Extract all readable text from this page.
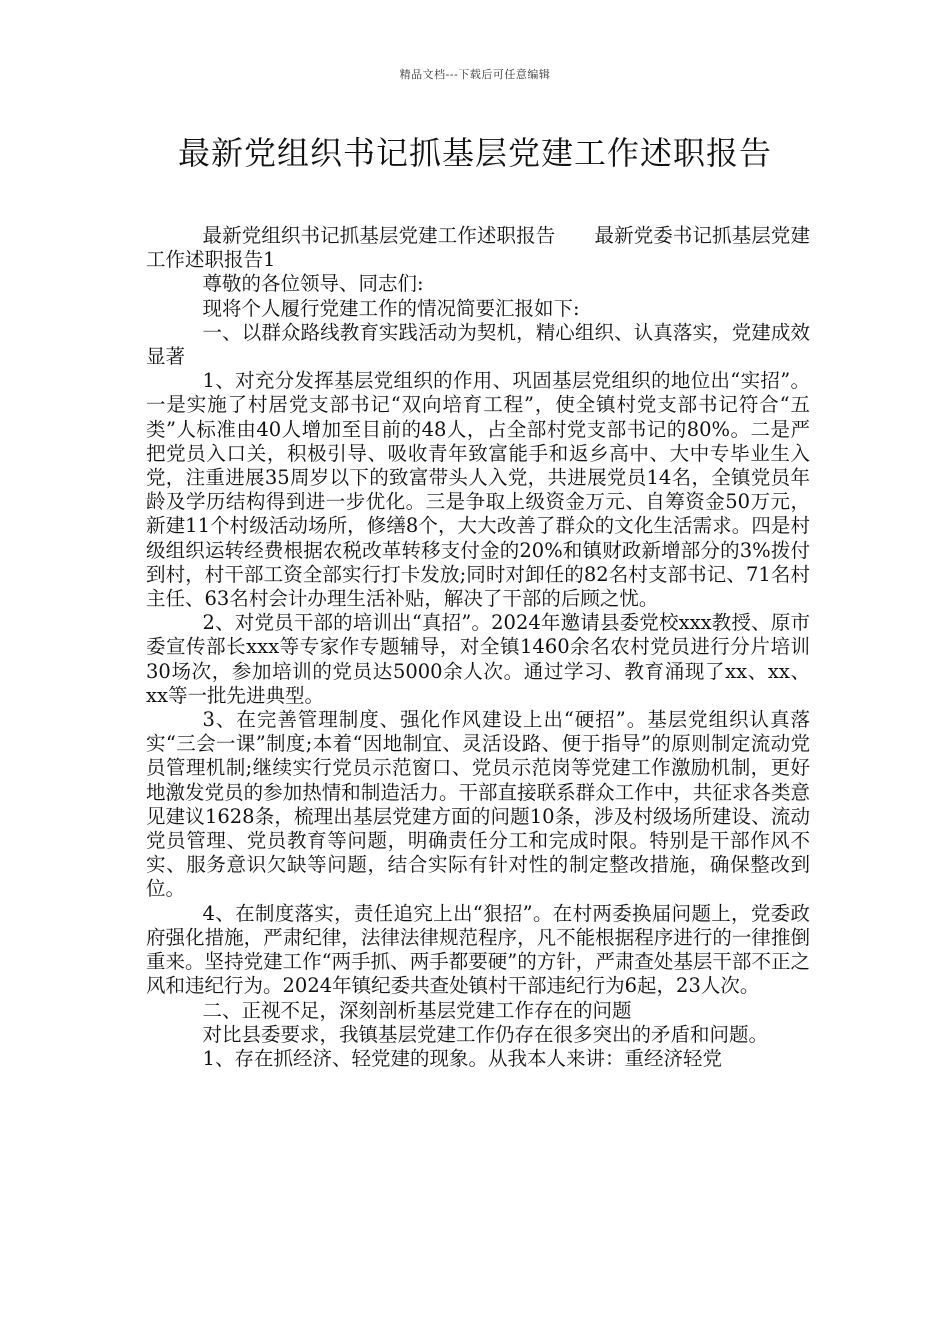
精品文档---下载后可任意编辑
最新党组织书记抓基层党建工作述职报告

最新党组织书记抓基层党建工作述职报告　　最新党委书记抓基层党建工作述职报告1

尊敬的各位领导、同志们:

现将个人履行党建工作的情况简要汇报如下:

一、以群众路线教育实践活动为契机，精心组织、认真落实，党建成效显著

1、对充分发挥基层党组织的作用、巩固基层党组织的地位出“实招”。一是实施了村居党支部书记“双向培育工程”，使全镇村党支部书记符合“五类”人标准由40人增加至目前的48人，占全部村党支部书记的80%。二是严把党员入口关，积极引导、吸收青年致富能手和返乡高中、大中专毕业生入党，注重进展35周岁以下的致富带头人入党，共进展党员14名，全镇党员年龄及学历结构得到进一步优化。三是争取上级资金万元、自筹资金50万元，新建11个村级活动场所，修缮8个，大大改善了群众的文化生活需求。四是村级组织运转经费根据农税改革转移支付金的20%和镇财政新增部分的3%拨付到村，村干部工资全部实行打卡发放;同时对卸任的82名村支部书记、71名村主任、63名村会计办理生活补贴，解决了干部的后顾之忧。

2、对党员干部的培训出“真招”。2024年邀请县委党校xxx教授、原市委宣传部长xxx等专家作专题辅导，对全镇1460余名农村党员进行分片培训30场次，参加培训的党员达5000余人次。通过学习、教育涌现了xx、xx、xx等一批先进典型。

3、在完善管理制度、强化作风建设上出“硬招”。基层党组织认真落实“三会一课”制度;本着“因地制宜、灵活设路、便于指导”的原则制定流动党员管理机制;继续实行党员示范窗口、党员示范岗等党建工作激励机制，更好地激发党员的参加热情和制造活力。干部直接联系群众工作中，共征求各类意见建议1628条，梳理出基层党建方面的问题10条，涉及村级场所建设、流动党员管理、党员教育等问题，明确责任分工和完成时限。特别是干部作风不实、服务意识欠缺等问题，结合实际有针对性的制定整改措施，确保整改到位。

4、在制度落实，责任追究上出“狠招”。在村两委换届问题上，党委政府强化措施，严肃纪律，法律法律规范程序，凡不能根据程序进行的一律推倒重来。坚持党建工作“两手抓、两手都要硬”的方针，严肃查处基层干部不正之风和违纪行为。2024年镇纪委共查处镇村干部违纪行为6起，23人次。

二、正视不足，深刻剖析基层党建工作存在的问题

对比县委要求，我镇基层党建工作仍存在很多突出的矛盾和问题。

1、存在抓经济、轻党建的现象。从我本人来讲：重经济轻党
